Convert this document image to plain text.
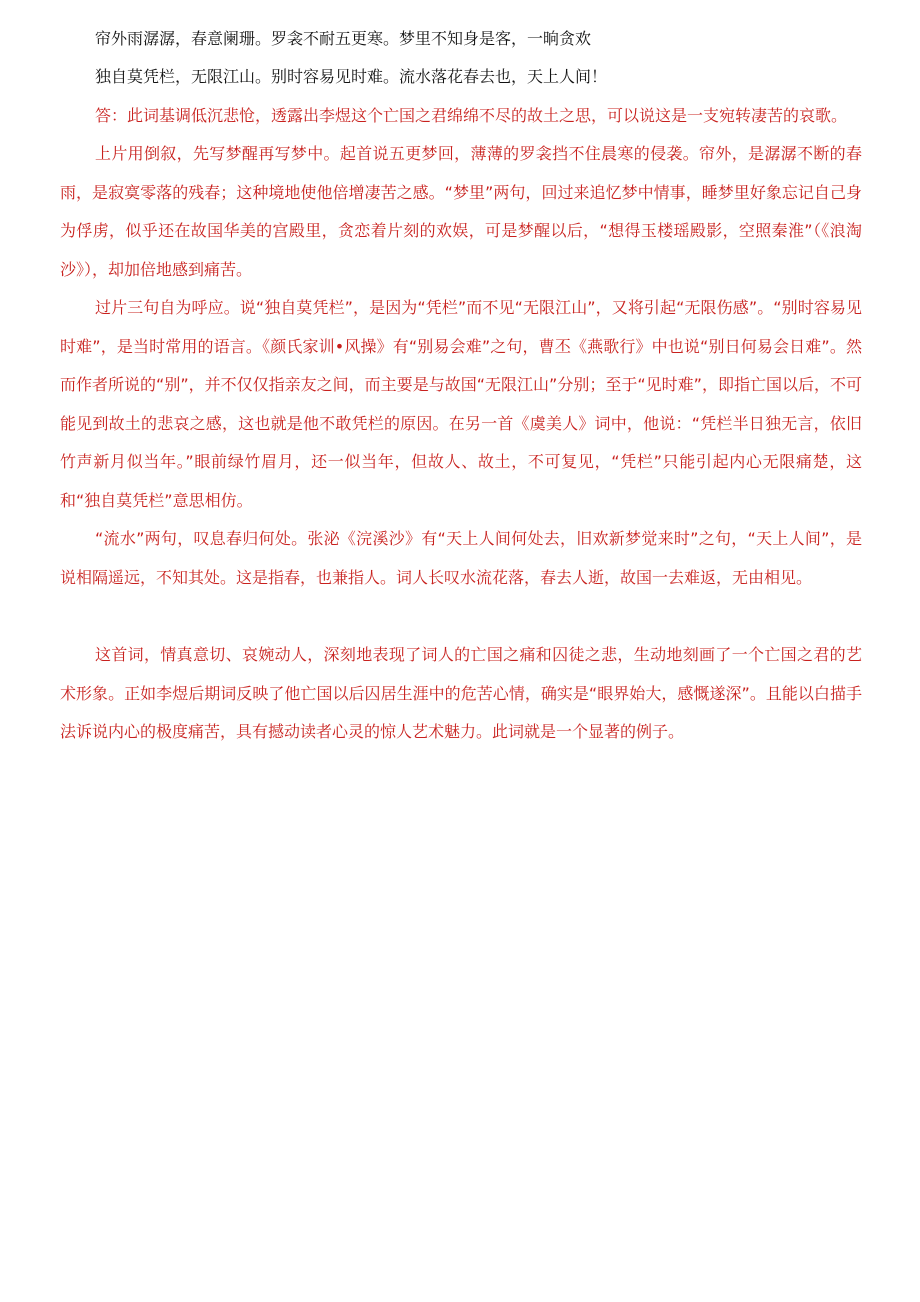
帘外雨潺潺，春意阑珊。罗衾不耐五更寒。梦里不知身是客，一晌贪欢
独自莫凭栏，无限江山。别时容易见时难。流水落花春去也，天上人间！

答：此词基调低沉悲怆，透露出李煜这个亡国之君绵绵不尽的故土之思，可以说这是一支宛转凄苦的哀歌。

上片用倒叙，先写梦醒再写梦中。起首说五更梦回，薄薄的罗衾挡不住晨寒的侵袭。帘外，是潺潺不断的春雨，是寂寞零落的残春；这种境地使他倍增凄苦之感。“梦里”两句，回过来追忆梦中情事，睡梦里好象忘记自己身为俘虏，似乎还在故国华美的宫殿里，贪恋着片刻的欢娱，可是梦醒以后，“想得玉楼瑶殿影，空照秦淮”（《浪淘沙》），却加倍地感到痛苦。

过片三句自为呼应。说“独自莫凭栏”，是因为“凭栏”而不见“无限江山”，又将引起“无限伤感”。“别时容易见时难”，是当时常用的语言。《颜氏家训•风操》有“别易会难”之句，曹丕《燕歌行》中也说“别日何易会日难”。然而作者所说的“别”，并不仅仅指亲友之间，而主要是与故国“无限江山”分别；至于“见时难”，即指亡国以后，不可能见到故土的悲哀之感，这也就是他不敢凭栏的原因。在另一首《虞美人》词中，他说：“凭栏半日独无言，依旧竹声新月似当年。”眼前绿竹眉月，还一似当年，但故人、故土，不可复见，“凭栏”只能引起内心无限痛楚，这和“独自莫凭栏”意思相仿。

“流水”两句，叹息春归何处。张泌《浣溪沙》有“天上人间何处去，旧欢新梦觉来时”之句，“天上人间”，是说相隔遥远，不知其处。这是指春，也兼指人。词人长叹水流花落，春去人逝，故国一去难返，无由相见。

这首词，情真意切、哀婉动人，深刻地表现了词人的亡国之痛和囚徒之悲，生动地刻画了一个亡国之君的艺术形象。正如李煜后期词反映了他亡国以后囚居生涯中的危苦心情，确实是“眼界始大，感慨遂深”。且能以白描手法诉说内心的极度痛苦，具有撼动读者心灵的惊人艺术魅力。此词就是一个显著的例子。
